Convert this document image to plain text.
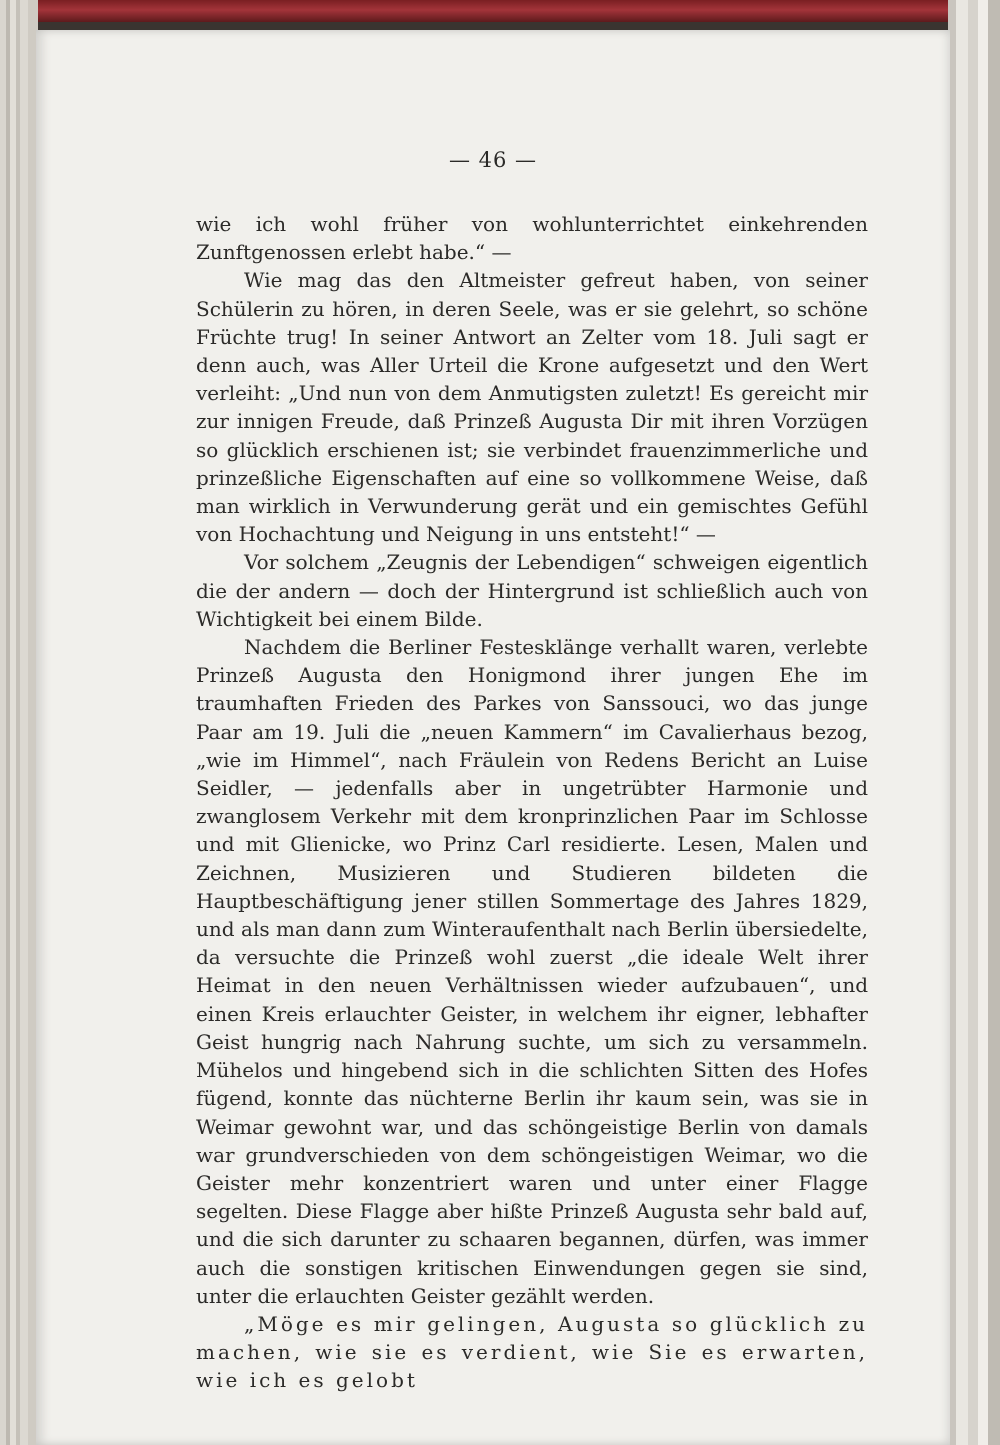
— 46 —

wie ich wohl früher von wohlunterrichtet einkehrenden Zunftgenossen erlebt habe.“ —

Wie mag das den Altmeister gefreut haben, von seiner Schülerin zu hören, in deren Seele, was er sie gelehrt, so schöne Früchte trug! In seiner Antwort an Zelter vom 18. Juli sagt er denn auch, was Aller Urteil die Krone aufgesetzt und den Wert verleiht: „Und nun von dem Anmutigsten zuletzt! Es gereicht mir zur innigen Freude, daß Prinzeß Augusta Dir mit ihren Vorzügen so glücklich erschienen ist; sie verbindet frauenzimmerliche und prinzeßliche Eigenschaften auf eine so vollkommene Weise, daß man wirklich in Verwunderung gerät und ein gemischtes Gefühl von Hochachtung und Neigung in uns entsteht!“ —

Vor solchem „Zeugnis der Lebendigen“ schweigen eigentlich die der andern — doch der Hintergrund ist schließlich auch von Wichtigkeit bei einem Bilde.

Nachdem die Berliner Festesklänge verhallt waren, verlebte Prinzeß Augusta den Honigmond ihrer jungen Ehe im traumhaften Frieden des Parkes von Sanssouci, wo das junge Paar am 19. Juli die „neuen Kammern“ im Cavalierhaus bezog, „wie im Himmel“, nach Fräulein von Redens Bericht an Luise Seidler, — jedenfalls aber in ungetrübter Harmonie und zwanglosem Verkehr mit dem kronprinzlichen Paar im Schlosse und mit Glienicke, wo Prinz Carl residierte. Lesen, Malen und Zeichnen, Musizieren und Studieren bildeten die Hauptbeschäftigung jener stillen Sommertage des Jahres 1829, und als man dann zum Winteraufenthalt nach Berlin übersiedelte, da versuchte die Prinzeß wohl zuerst „die ideale Welt ihrer Heimat in den neuen Verhältnissen wieder aufzubauen“, und einen Kreis erlauchter Geister, in welchem ihr eigner, lebhafter Geist hungrig nach Nahrung suchte, um sich zu versammeln. Mühelos und hingebend sich in die schlichten Sitten des Hofes fügend, konnte das nüchterne Berlin ihr kaum sein, was sie in Weimar gewohnt war, und das schöngeistige Berlin von damals war grundverschieden von dem schöngeistigen Weimar, wo die Geister mehr konzentriert waren und unter einer Flagge segelten. Diese Flagge aber hißte Prinzeß Augusta sehr bald auf, und die sich darunter zu schaaren begannen, dürfen, was immer auch die sonstigen kritischen Einwendungen gegen sie sind, unter die erlauchten Geister gezählt werden.

„Möge es mir gelingen, Augusta so glücklich zu machen, wie sie es verdient, wie Sie es erwarten, wie ich es gelobt
